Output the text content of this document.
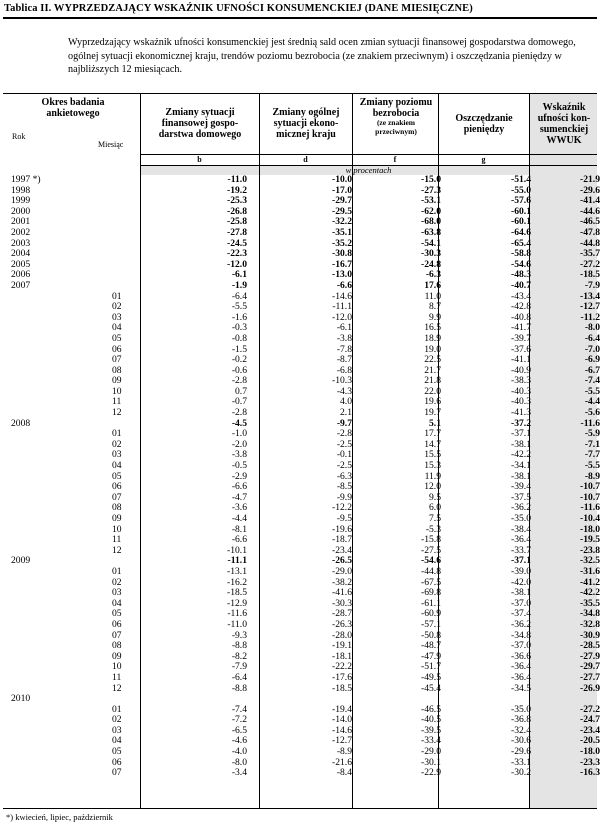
Tablica II. WYPRZEDZAJĄCY WSKAŹNIK UFNOŚCI KONSUMENCKIEJ (DANE MIESIĘCZNE)
Wyprzedzający wskaźnik ufności konsumenckiej jest średnią sald ocen zmian sytuacji finansowej gospodarstwa domowego, ogólnej sytuacji ekonomicznej kraju, trendów poziomu bezrobocia (ze znakiem przeciwnym) i oszczędzania pieniędzy w najbliższych 12 miesiącach.
Okres badania ankietowego
Rok
Miesiąc
Zmiany sytuacji finansowej gospo-darstwa domowego
Zmiany ogólnej sytuacji ekono-micznej kraju
Zmiany poziomu bezrobocia
(ze znakiem przeciwnym)
Oszczędzanie pieniędzy
Wskaźnik ufności kon-sumenckiej WWUK
b	d	f	g
w procentach
1997 *)	-11.0	-10.0	-15.0	-51.4	-21.9
1998	-19.2	-17.0	-27.3	-55.0	-29.6
1999	-25.3	-29.7	-53.1	-57.6	-41.4
2000	-26.8	-29.5	-62.0	-60.1	-44.6
2001	-25.8	-32.2	-68.0	-60.1	-46.5
2002	-27.8	-35.1	-63.8	-64.6	-47.8
2003	-24.5	-35.2	-54.1	-65.4	-44.8
2004	-22.3	-30.8	-30.3	-58.8	-35.7
2005	-12.0	-16.7	-24.8	-54.6	-27.2
2006	-6.1	-13.0	-6.3	-48.3	-18.5
2007	-1.9	-6.6	17.6	-40.7	-7.9
01	-6.4	-14.6	11.0	-43.4	-13.4
02	-5.5	-11.1	8.7	-42.8	-12.7
03	-1.6	-12.0	9.9	-40.8	-11.2
04	-0.3	-6.1	16.5	-41.7	-8.0
05	-0.8	-3.8	18.9	-39.7	-6.4
06	-1.5	-7.8	19.0	-37.6	-7.0
07	-0.2	-8.7	22.5	-41.1	-6.9
08	-0.6	-6.8	21.7	-40.9	-6.7
09	-2.8	-10.3	21.8	-38.3	-7.4
10	0.7	-4.3	22.0	-40.3	-5.5
11	-0.7	4.0	19.6	-40.3	-4.4
12	-2.8	2.1	19.7	-41.3	-5.6
2008	-4.5	-9.7	5.1	-37.2	-11.6
01	-1.0	-2.8	17.7	-37.1	-5.9
02	-2.0	-2.5	14.7	-38.1	-7.1
03	-3.8	-0.1	15.5	-42.2	-7.7
04	-0.5	-2.5	15.3	-34.1	-5.5
05	-2.9	-6.3	11.9	-38.1	-8.9
06	-6.6	-8.5	12.0	-39.4	-10.7
07	-4.7	-9.9	9.5	-37.5	-10.7
08	-3.6	-12.2	6.0	-36.2	-11.6
09	-4.4	-9.5	7.5	-35.0	-10.4
10	-8.1	-19.6	-5.3	-38.4	-18.0
11	-6.6	-18.7	-15.8	-36.4	-19.5
12	-10.1	-23.4	-27.5	-33.7	-23.8
2009	-11.1	-26.5	-54.6	-37.1	-32.5
01	-13.1	-29.0	-44.8	-39.0	-31.6
02	-16.2	-38.2	-67.5	-42.0	-41.2
03	-18.5	-41.6	-69.8	-38.1	-42.2
04	-12.9	-30.3	-61.1	-37.0	-35.5
05	-11.6	-28.7	-60.9	-37.4	-34.8
06	-11.0	-26.3	-57.1	-36.2	-32.8
07	-9.3	-28.0	-50.8	-34.8	-30.9
08	-8.8	-19.1	-48.7	-37.0	-28.5
09	-8.2	-18.1	-47.9	-36.6	-27.9
10	-7.9	-22.2	-51.7	-36.4	-29.7
11	-6.4	-17.6	-49.5	-36.4	-27.7
12	-8.8	-18.5	-45.4	-34.5	-26.9
2010
01	-7.4	-19.4	-46.5	-35.0	-27.2
02	-7.2	-14.0	-40.5	-36.8	-24.7
03	-6.5	-14.6	-39.5	-32.4	-23.4
04	-4.6	-12.7	-33.4	-30.6	-20.5
05	-4.0	-8.9	-29.0	-29.6	-18.0
06	-8.0	-21.6	-30.1	-33.1	-23.3
07	-3.4	-8.4	-22.9	-30.2	-16.3
*) kwiecień, lipiec, październik
